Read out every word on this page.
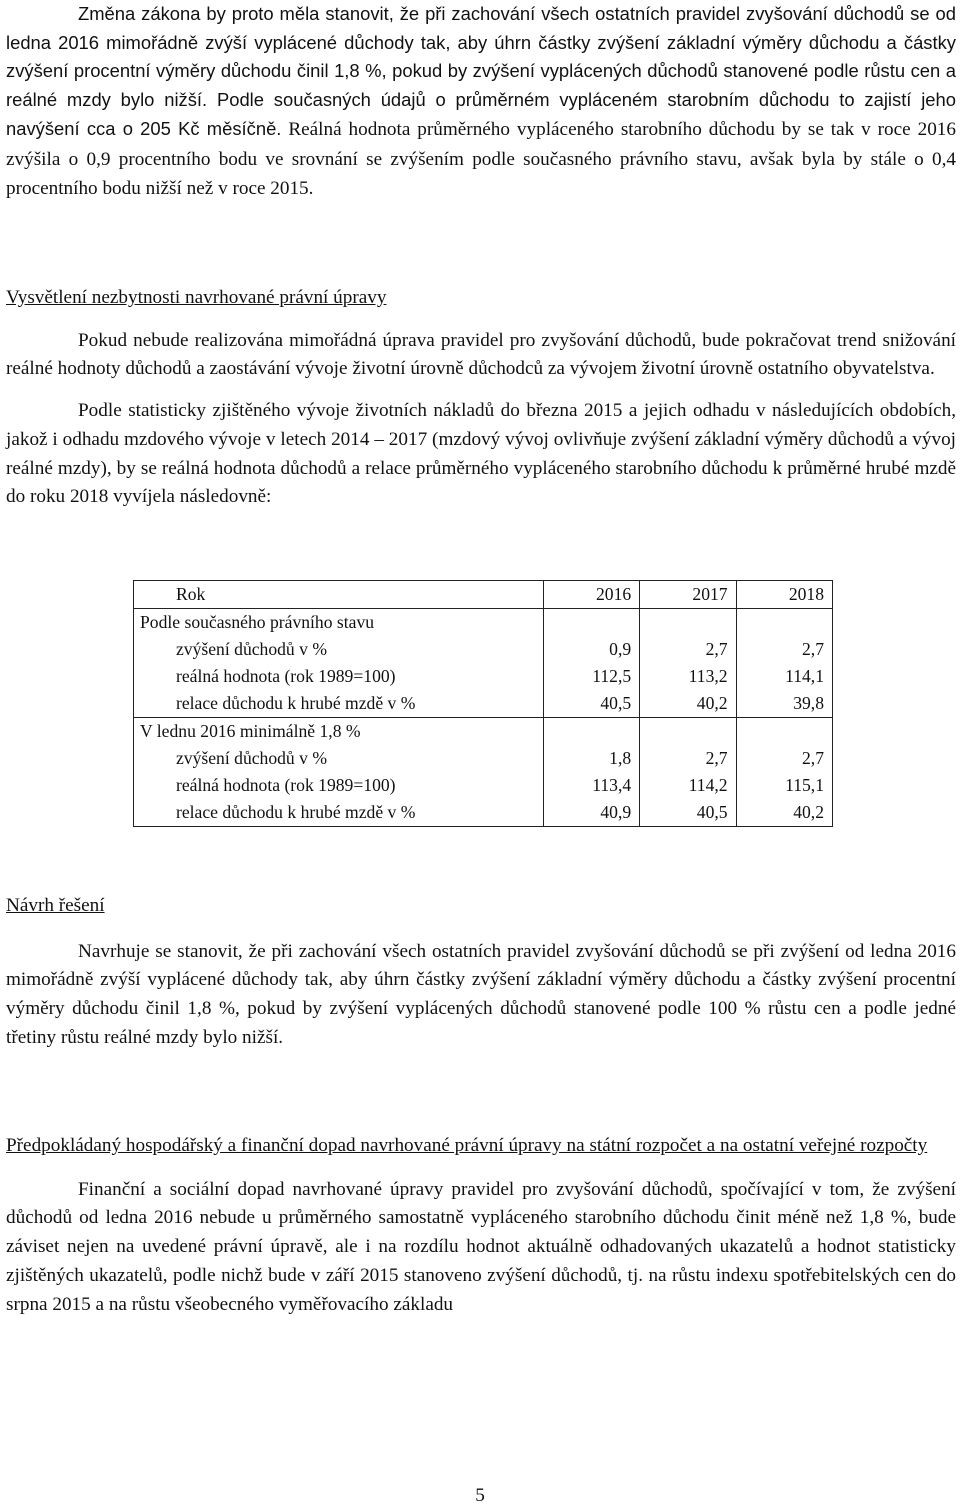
Změna zákona by proto měla stanovit, že při zachování všech ostatních pravidel zvyšování důchodů se od ledna 2016 mimořádně zvýší vyplácené důchody tak, aby úhrn částky zvýšení základní výměry důchodu a částky zvýšení procentní výměry důchodu činil 1,8 %, pokud by zvýšení vyplácených důchodů stanovené podle růstu cen a reálné mzdy bylo nižší. Podle současných údajů o průměrném vypláceném starobním důchodu to zajistí jeho navýšení cca o 205 Kč měsíčně. Reálná hodnota průměrného vypláceného starobního důchodu by se tak v roce 2016 zvýšila o 0,9 procentního bodu ve srovnání se zvýšením podle současného právního stavu, avšak byla by stále o 0,4 procentního bodu nižší než v roce 2015.

Vysvětlení nezbytnosti navrhované právní úpravy

Pokud nebude realizována mimořádná úprava pravidel pro zvyšování důchodů, bude pokračovat trend snižování reálné hodnoty důchodů a zaostávání vývoje životní úrovně důchodců za vývojem životní úrovně ostatního obyvatelstva.

Podle statisticky zjištěného vývoje životních nákladů do března 2015 a jejich odhadu v následujících obdobích, jakož i odhadu mzdového vývoje v letech 2014 – 2017 (mzdový vývoj ovlivňuje zvýšení základní výměry důchodů a vývoj reálné mzdy), by se reálná hodnota důchodů a relace průměrného vypláceného starobního důchodu k průměrné hrubé mzdě do roku 2018 vyvíjela následovně:

Rok	2016	2017	2018
Podle současného právního stavu			
zvýšení důchodů v %	0,9	2,7	2,7
reálná hodnota (rok 1989=100)	112,5	113,2	114,1
relace důchodu k hrubé mzdě v %	40,5	40,2	39,8
V lednu 2016 minimálně 1,8 %			
zvýšení důchodů v %	1,8	2,7	2,7
reálná hodnota (rok 1989=100)	113,4	114,2	115,1
relace důchodu k hrubé mzdě v %	40,9	40,5	40,2

Návrh řešení

Navrhuje se stanovit, že při zachování všech ostatních pravidel zvyšování důchodů se při zvýšení od ledna 2016 mimořádně zvýší vyplácené důchody tak, aby úhrn částky zvýšení základní výměry důchodu a částky zvýšení procentní výměry důchodu činil 1,8 %, pokud by zvýšení vyplácených důchodů stanovené podle 100 % růstu cen a podle jedné třetiny růstu reálné mzdy bylo nižší.

Předpokládaný hospodářský a finanční dopad navrhované právní úpravy na státní rozpočet a na ostatní veřejné rozpočty

Finanční a sociální dopad navrhované úpravy pravidel pro zvyšování důchodů, spočívající v tom, že zvýšení důchodů od ledna 2016 nebude u průměrného samostatně vypláceného starobního důchodu činit méně než 1,8 %, bude záviset nejen na uvedené právní úpravě, ale i na rozdílu hodnot aktuálně odhadovaných ukazatelů a hodnot statisticky zjištěných ukazatelů, podle nichž bude v září 2015 stanoveno zvýšení důchodů, tj. na růstu indexu spotřebitelských cen do srpna 2015 a na růstu všeobecného vyměřovacího základu

5
